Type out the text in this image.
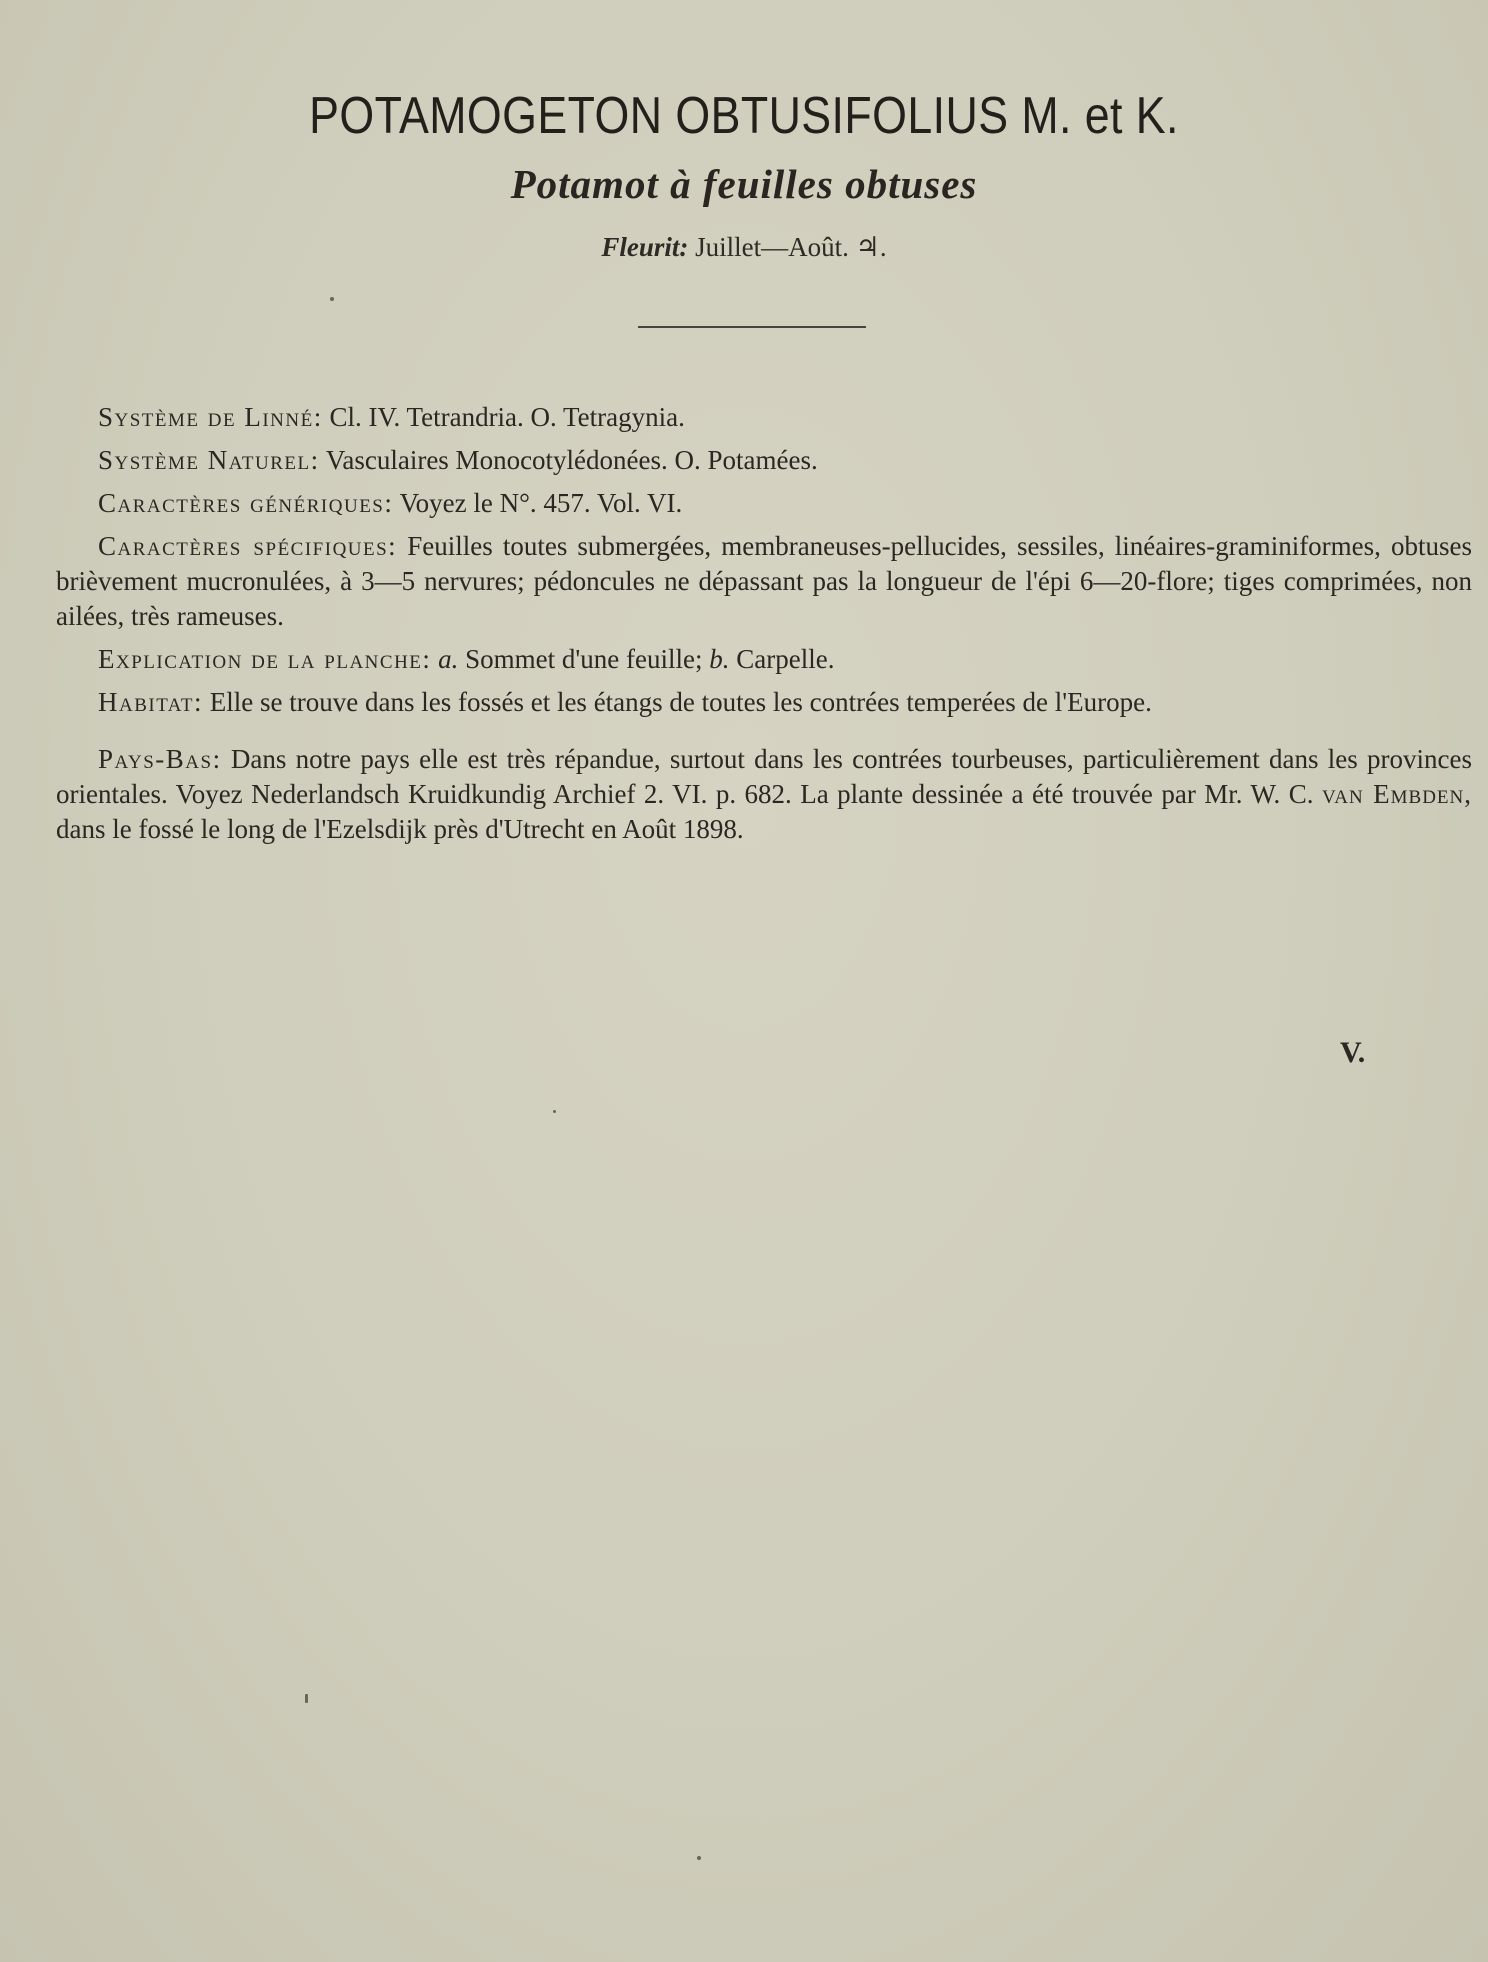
POTAMOGETON OBTUSIFOLIUS M. et K.
Potamot à feuilles obtuses
Fleurit: Juillet—Août. ♃.

Système de Linné: Cl. IV. Tetrandria. O. Tetragynia.

Système Naturel: Vasculaires Monocotylédonées. O. Potamées.

Caractères génériques: Voyez le N°. 457. Vol. VI.

Caractères spécifiques: Feuilles toutes submergées, membraneuses-pellucides, sessiles, linéaires-graminiformes, obtuses brièvement mucronulées, à 3—5 nervures; pédoncules ne dépassant pas la longueur de l'épi 6—20-flore; tiges comprimées, non ailées, très rameuses.

Explication de la planche: a. Sommet d'une feuille; b. Carpelle.

Habitat: Elle se trouve dans les fossés et les étangs de toutes les contrées temperées de l'Europe.

Pays-Bas: Dans notre pays elle est très répandue, surtout dans les contrées tourbeuses, particulièrement dans les provinces orientales. Voyez Nederlandsch Kruidkundig Archief 2. VI. p. 682. La plante dessinée a été trouvée par Mr. W. C. van Embden, dans le fossé le long de l'Ezelsdijk près d'Utrecht en Août 1898.

V.
